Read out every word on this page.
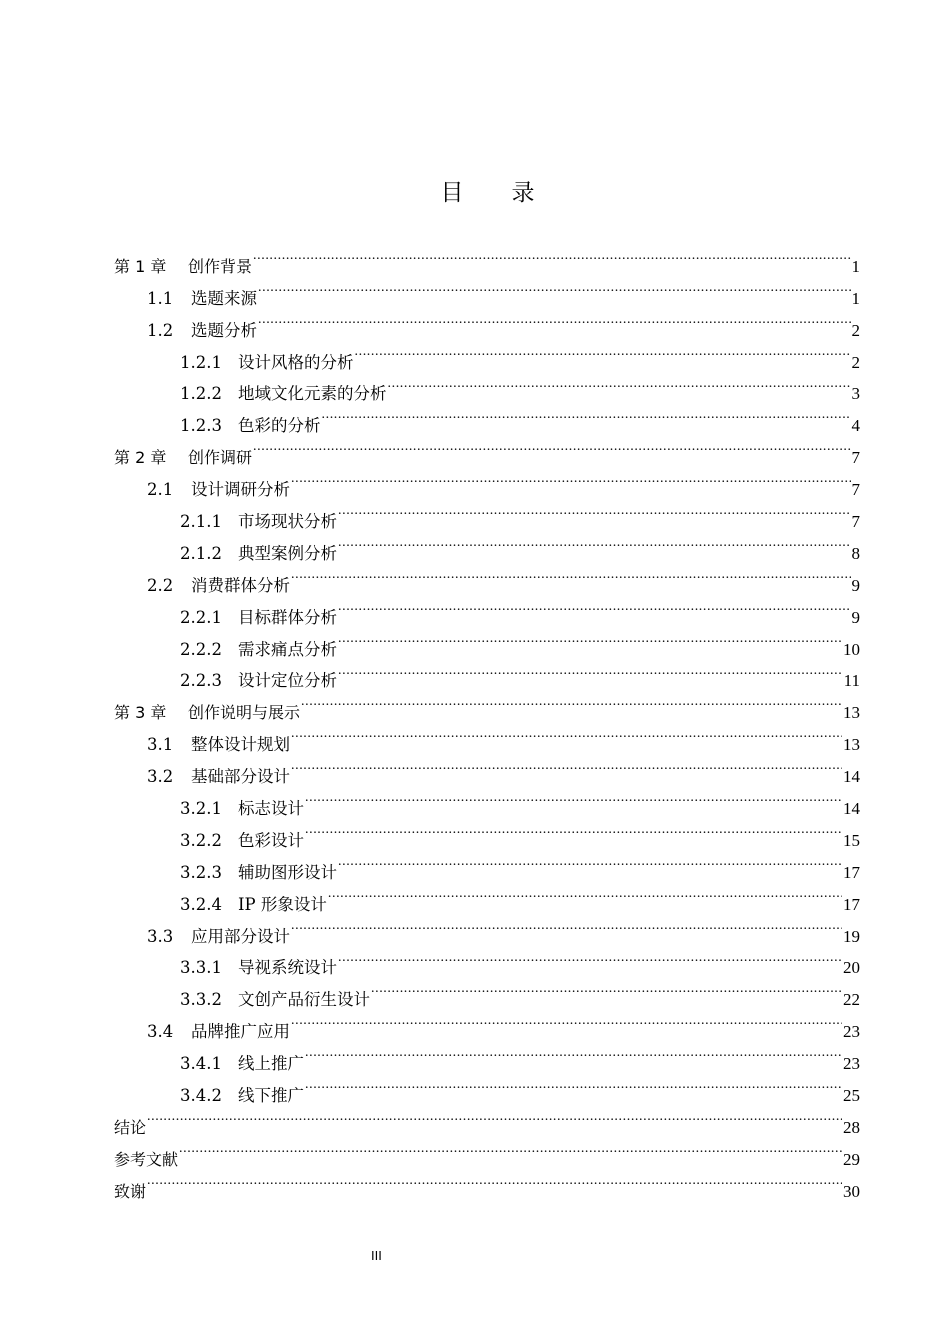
目 录
第 1 章	创作背景 .....	1
1.1	选题来源 .....	1
1.2	选题分析 .....	2
1.2.1 设计风格的分析 .....	2
1.2.2 地域文化元素的分析 .....	3
1.2.3 色彩的分析 .....	4
第 2 章	创作调研 .....	7
2.1	设计调研分析 .....	7
2.1.1 市场现状分析 .....	7
2.1.2 典型案例分析 .....	8
2.2	消费群体分析 .....	9
2.2.1 目标群体分析 .....	9
2.2.2 需求痛点分析 .....	10
2.2.3 设计定位分析 .....	11
第 3 章	创作说明与展示 .....	13
3.1	整体设计规划 .....	13
3.2	基础部分设计 .....	14
3.2.1 标志设计 .....	14
3.2.2 色彩设计 .....	15
3.2.3 辅助图形设计 .....	17
3.2.4 IP 形象设计 .....	17
3.3	应用部分设计 .....	19
3.3.1 导视系统设计 .....	20
3.3.2 文创产品衍生设计 .....	22
3.4	品牌推广应用 .....	23
3.4.1 线上推广 .....	23
3.4.2 线下推广 .....	25
结论 .....	28
参考文献 .....	29
致谢 .....	30
III
